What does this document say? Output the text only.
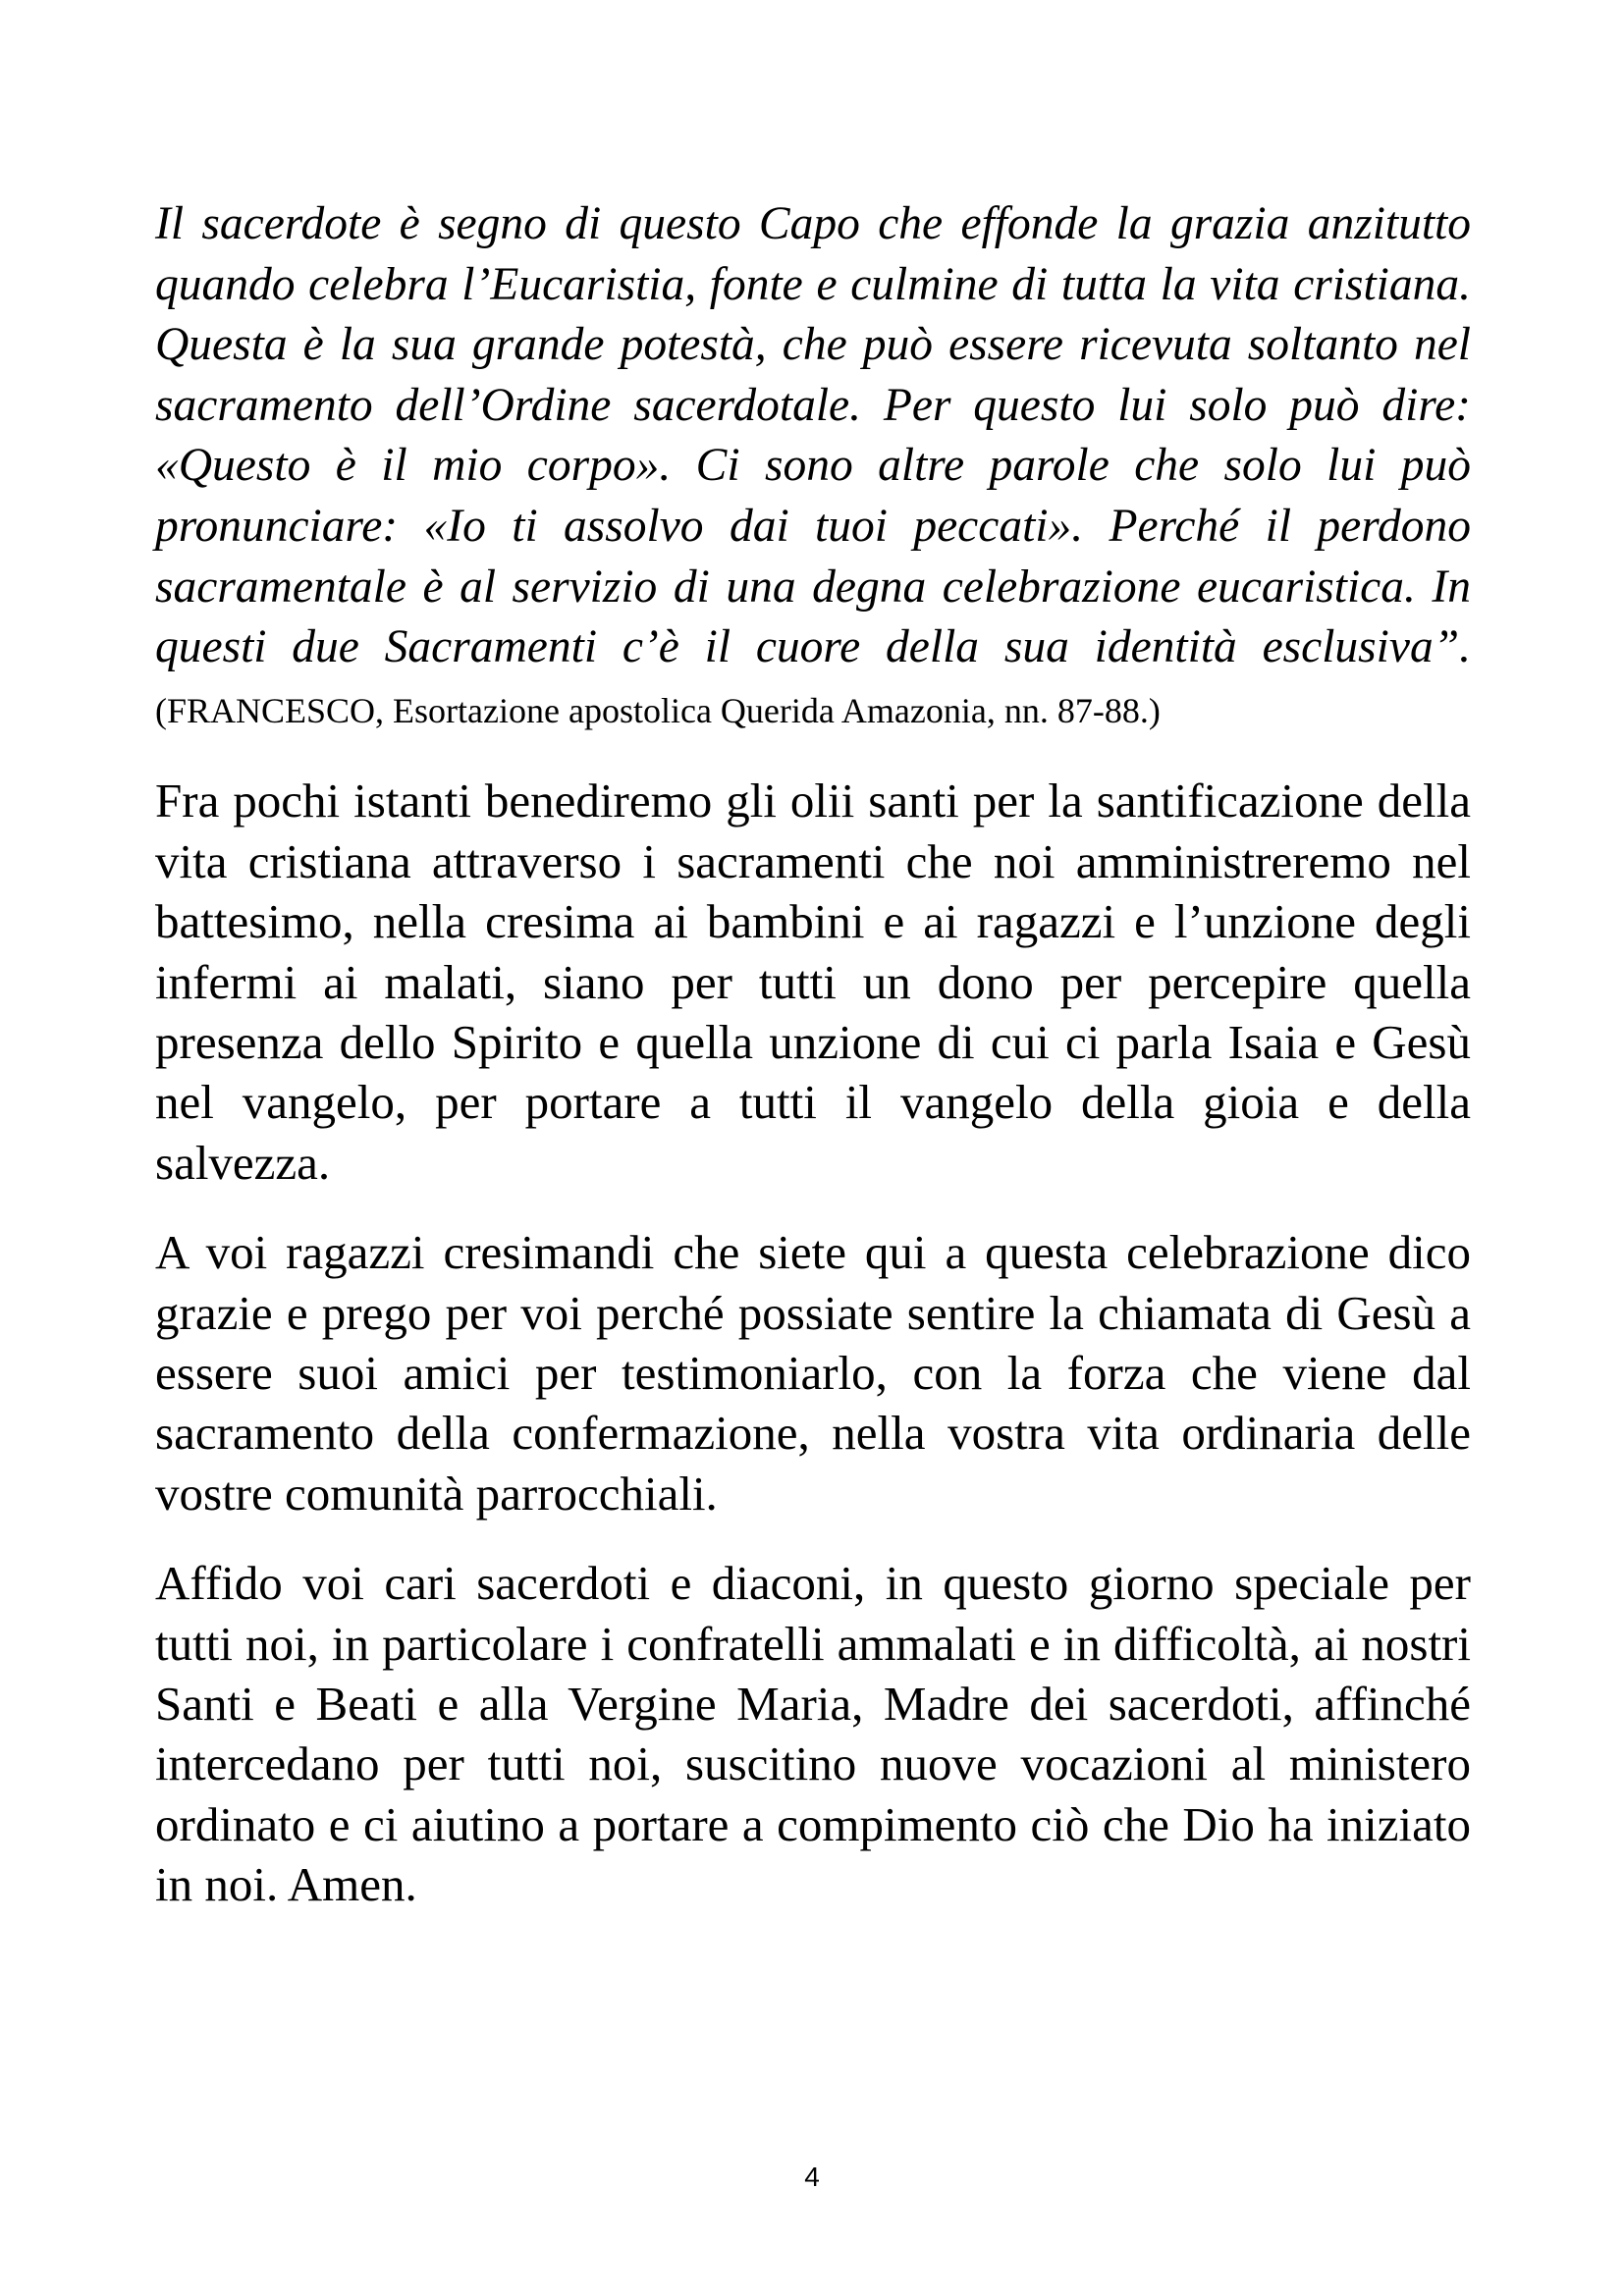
Il sacerdote è segno di questo Capo che effonde la grazia anzitutto quando celebra l’Eucaristia, fonte e culmine di tutta la vita cristiana. Questa è la sua grande potestà, che può essere ricevuta soltanto nel sacramento dell’Ordine sacerdotale. Per questo lui solo può dire: «Questo è il mio corpo». Ci sono altre parole che solo lui può pronunciare: «Io ti assolvo dai tuoi peccati». Perché il perdono sacramentale è al servizio di una degna celebrazione eucaristica. In questi due Sacramenti c’è il cuore della sua identità esclusiva”. (FRANCESCO, Esortazione apostolica Querida Amazonia, nn. 87-88.)

Fra pochi istanti benediremo gli olii santi per la santificazione della vita cristiana attraverso i sacramenti che noi amministreremo nel battesimo, nella cresima ai bambini e ai ragazzi e l’unzione degli infermi ai malati, siano per tutti un dono per percepire quella presenza dello Spirito e quella unzione di cui ci parla Isaia e Gesù nel vangelo, per portare a tutti il vangelo della gioia e della salvezza.

A voi ragazzi cresimandi che siete qui a questa celebrazione dico grazie e prego per voi perché possiate sentire la chiamata di Gesù a essere suoi amici per testimoniarlo, con la forza che viene dal sacramento della confermazione, nella vostra vita ordinaria delle vostre comunità parrocchiali.

Affido voi cari sacerdoti e diaconi, in questo giorno speciale per tutti noi, in particolare i confratelli ammalati e in difficoltà, ai nostri Santi e Beati e alla Vergine Maria, Madre dei sacerdoti, affinché intercedano per tutti noi, suscitino nuove vocazioni al ministero ordinato e ci aiutino a portare a compimento ciò che Dio ha iniziato in noi. Amen.

4
